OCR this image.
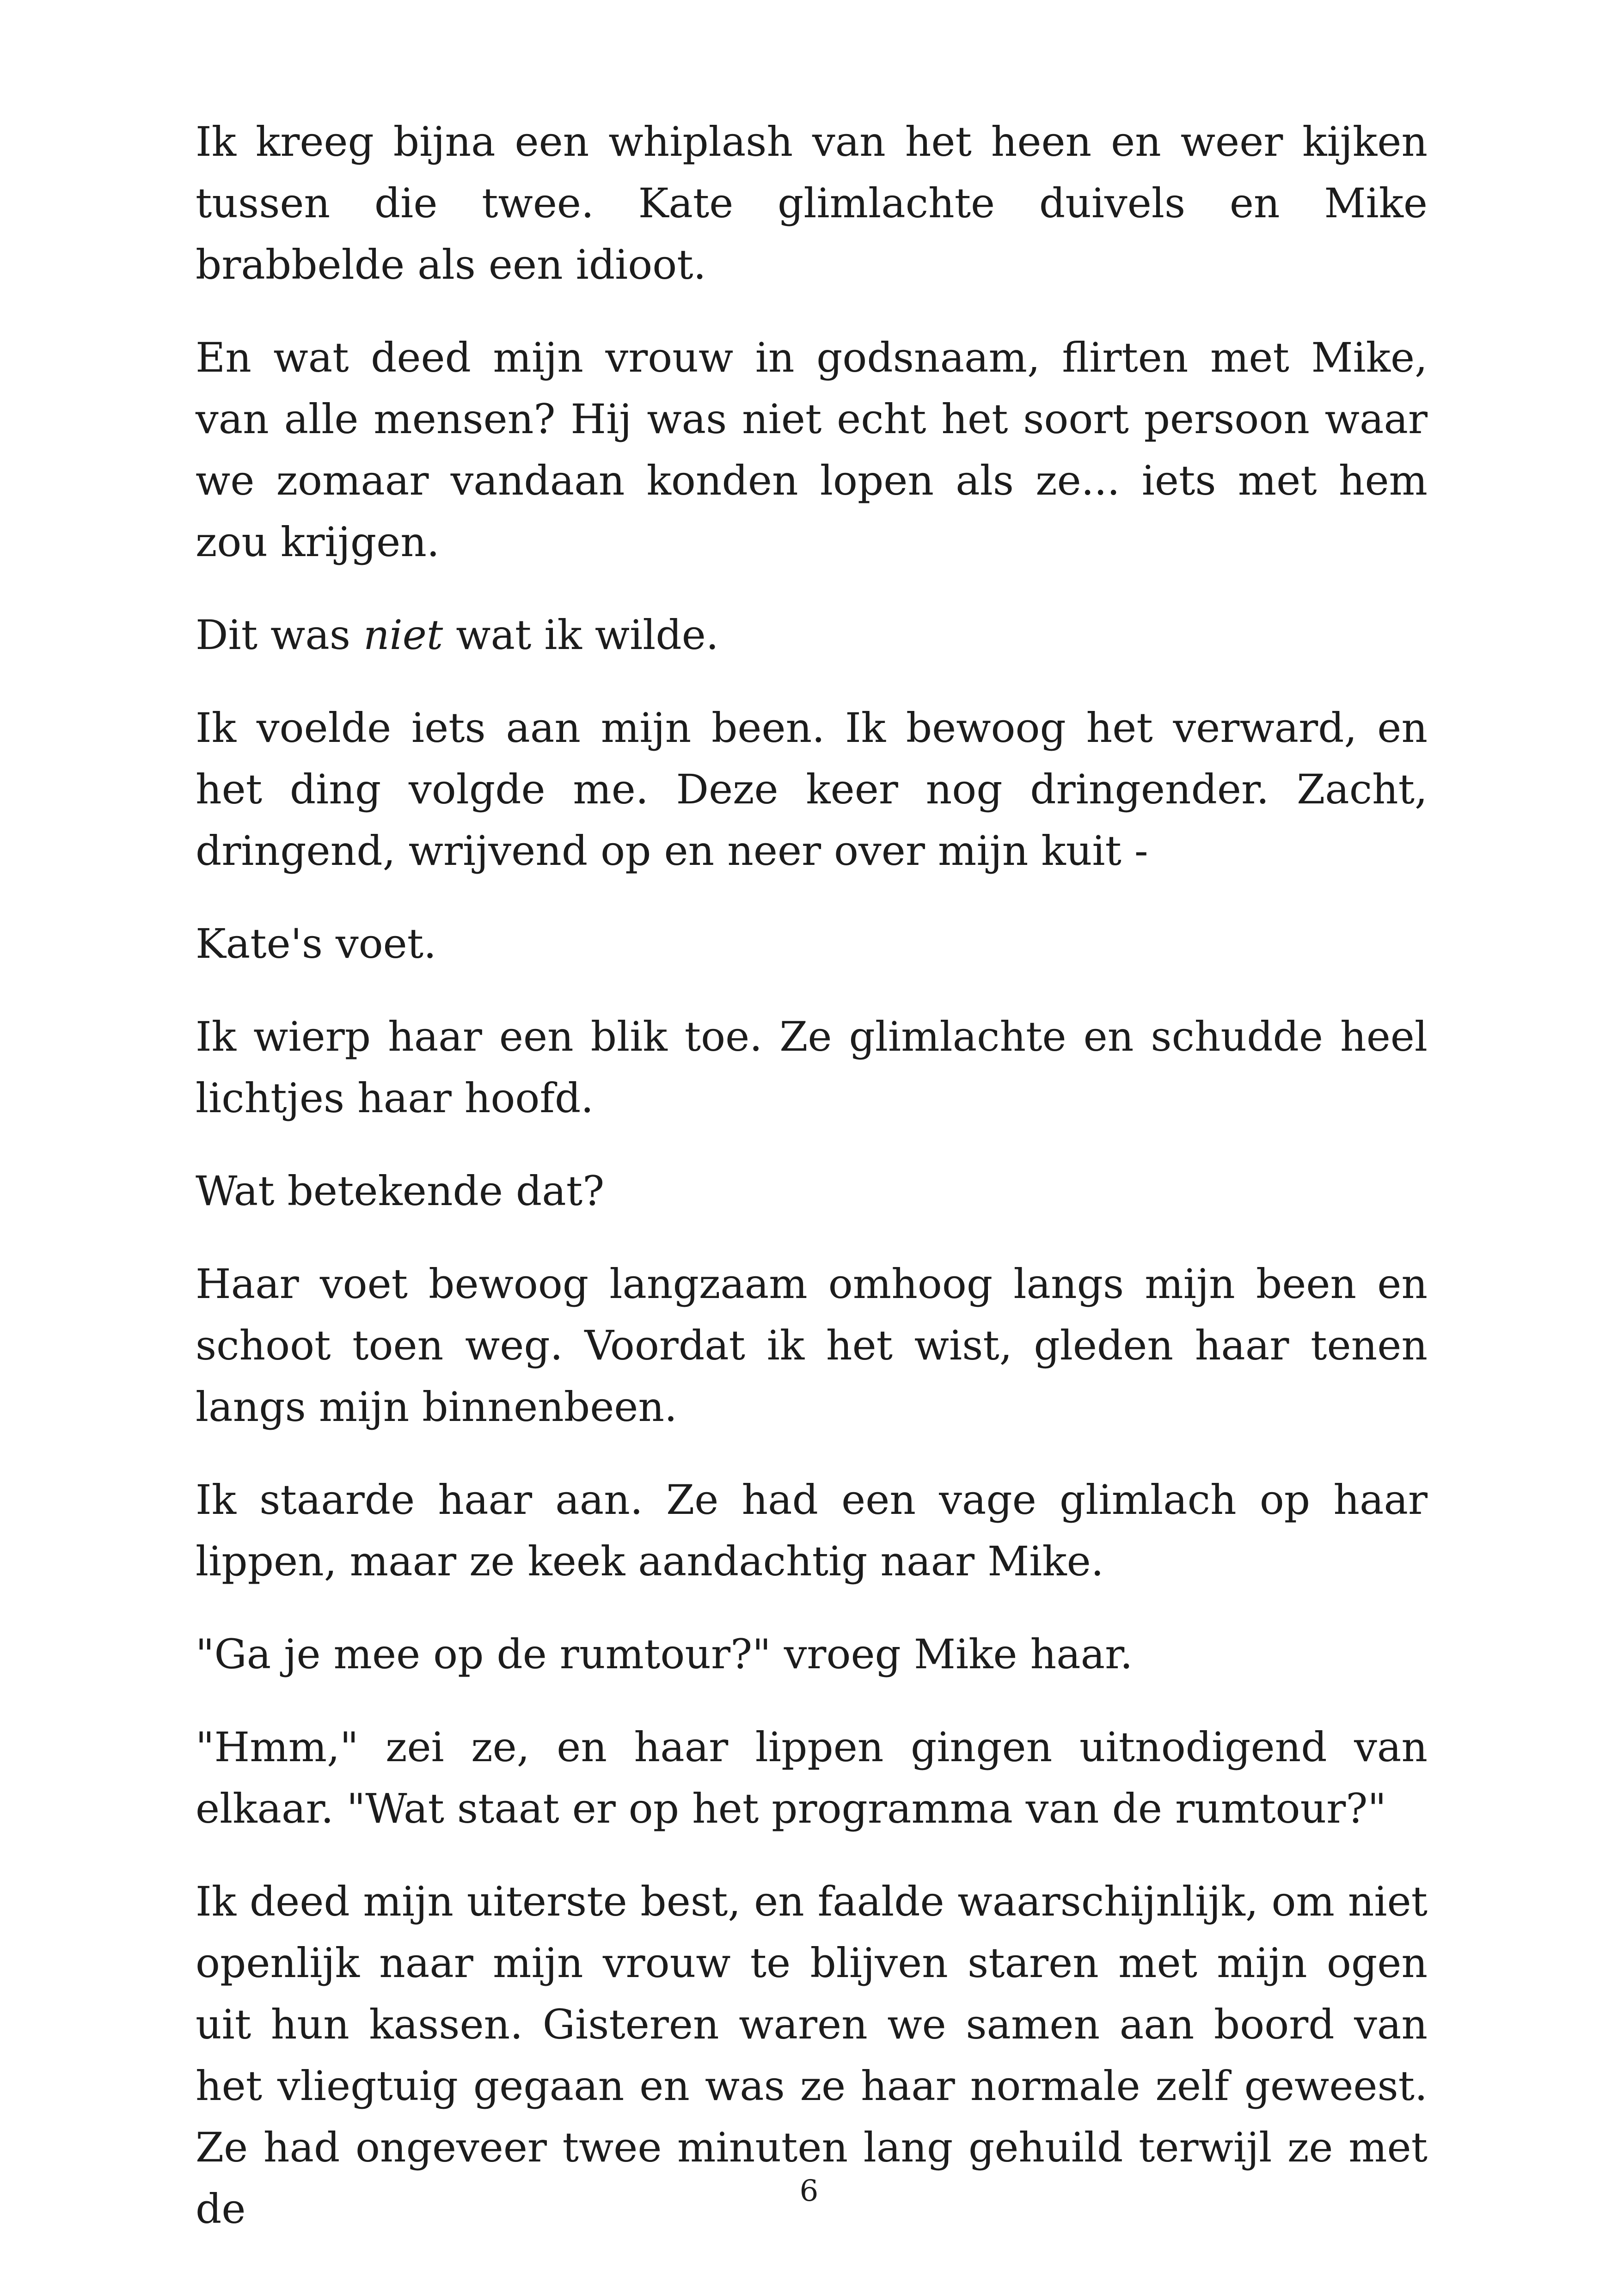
Ik kreeg bijna een whiplash van het heen en weer kijken tussen die twee. Kate glimlachte duivels en Mike brabbelde als een idioot.

En wat deed mijn vrouw in godsnaam, flirten met Mike, van alle mensen? Hij was niet echt het soort persoon waar we zomaar vandaan konden lopen als ze... iets met hem zou krijgen.

Dit was niet wat ik wilde.

Ik voelde iets aan mijn been. Ik bewoog het verward, en het ding volgde me. Deze keer nog dringender. Zacht, dringend, wrijvend op en neer over mijn kuit -

Kate's voet.

Ik wierp haar een blik toe. Ze glimlachte en schudde heel lichtjes haar hoofd.

Wat betekende dat?

Haar voet bewoog langzaam omhoog langs mijn been en schoot toen weg. Voordat ik het wist, gleden haar tenen langs mijn binnenbeen.

Ik staarde haar aan. Ze had een vage glimlach op haar lippen, maar ze keek aandachtig naar Mike.

"Ga je mee op de rumtour?" vroeg Mike haar.

"Hmm," zei ze, en haar lippen gingen uitnodigend van elkaar. "Wat staat er op het programma van de rumtour?"

Ik deed mijn uiterste best, en faalde waarschijnlijk, om niet openlijk naar mijn vrouw te blijven staren met mijn ogen uit hun kassen. Gisteren waren we samen aan boord van het vliegtuig gegaan en was ze haar normale zelf geweest. Ze had ongeveer twee minuten lang gehuild terwijl ze met de	6
